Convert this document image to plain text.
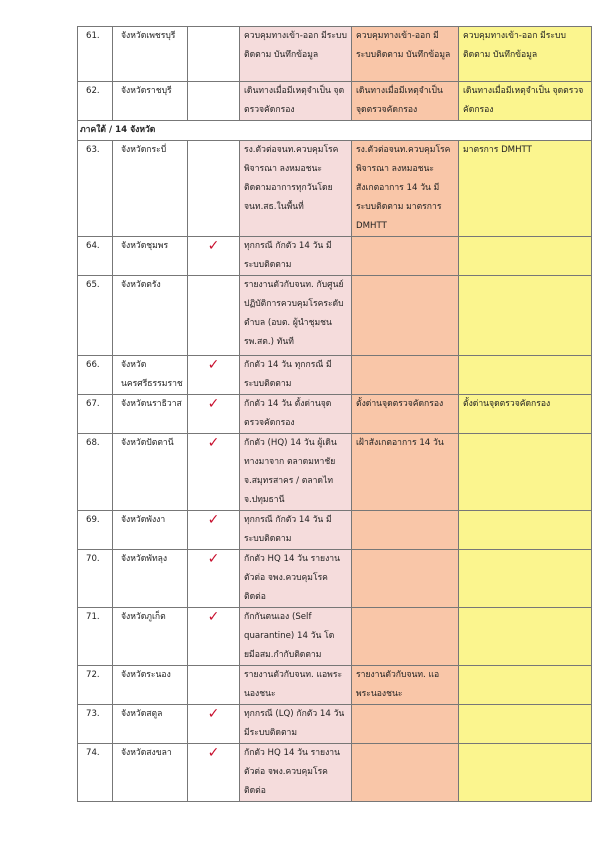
61.	จังหวัดเพชรบุรี		ควบคุมทางเข้า-ออก มีระบบติดตาม บันทึกข้อมูล	ควบคุมทางเข้า-ออก มีระบบติดตาม บันทึกข้อมูล	ควบคุมทางเข้า-ออก มีระบบติดตาม บันทึกข้อมูล
62.	จังหวัดราชบุรี		เดินทางเมื่อมีเหตุจำเป็น จุดตรวจคัดกรอง	เดินทางเมื่อมีเหตุจำเป็น จุดตรวจคัดกรอง	เดินทางเมื่อมีเหตุจำเป็น จุดตรวจคัดกรอง
ภาคใต้ / 14 จังหวัด					
63.	จังหวัดกระบี่		รง.ตัวต่อจนท.ควบคุมโรคพิจารณา ลงหมอชนะ ติดตามอาการทุกวันโดย จนท.สธ.ในพื้นที่	รง.ตัวต่อจนท.ควบคุมโรคพิจารณา ลงหมอชนะ สังเกตอาการ 14 วัน มีระบบติดตาม มาตรการ DMHTT	มาตรการ DMHTT
64.	จังหวัดชุมพร	✓	ทุกกรณี กักตัว 14 วัน มีระบบติดตาม		
65.	จังหวัดตรัง		รายงานตัวกับจนท. กับศูนย์ปฏิบัติการควบคุมโรคระดับตำบล (อบต. ผู้นำชุมชน รพ.สต.) ทันที		
66.	จังหวัด นครศรีธรรมราช	✓	กักตัว 14 วัน ทุกกรณี มีระบบติดตาม		
67.	จังหวัดนราธิวาส	✓	กักตัว 14 วัน ตั้งด่านจุดตรวจคัดกรอง	ตั้งด่านจุดตรวจคัดกรอง	ตั้งด่านจุดตรวจคัดกรอง
68.	จังหวัดปัตตานี	✓	กักตัว (HQ) 14 วัน ผู้เดินทางมาจาก ตลาดมหาชัย จ.สมุทรสาคร / ตลาดไท จ.ปทุมธานี	เฝ้าสังเกตอาการ 14 วัน	
69.	จังหวัดพังงา	✓	ทุกกรณี กักตัว 14 วัน มีระบบติดตาม		
70.	จังหวัดพัทลุง	✓	กักตัว HQ 14 วัน รายงานตัวต่อ จพง.ควบคุมโรคติดต่อ		
71.	จังหวัดภูเก็ต	✓	กักกันตนเอง (Self quarantine) 14 วัน โดยมีอสม.กำกับติดตาม		
72.	จังหวัดระนอง		รายงานตัวกับจนท. แอพระนองชนะ	รายงานตัวกับจนท. แอพระนองชนะ	
73.	จังหวัดสตูล	✓	ทุกกรณี (LQ) กักตัว 14 วัน มีระบบติดตาม		
74.	จังหวัดสงขลา	✓	กักตัว HQ 14 วัน รายงานตัวต่อ จพง.ควบคุมโรคติดต่อ		
